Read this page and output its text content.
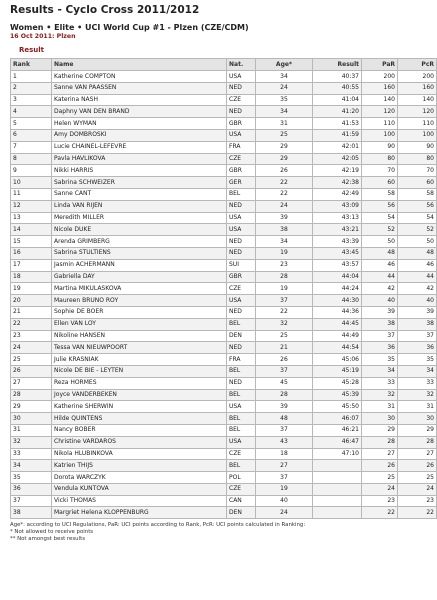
Results - Cyclo Cross 2011/2012
Women • Elite • UCI World Cup #1 - Plzen (CZE/CDM)
16 Oct 2011: Plzen
Result
Rank	Name	Nat.	Age*	Result	PaR	PcR
1	Katherine COMPTON	USA	34	40:37	200	200
2	Sanne VAN PAASSEN	NED	24	40:55	160	160
3	Katerina NASH	CZE	35	41:04	140	140
4	Daphny VAN DEN BRAND	NED	34	41:20	120	120
5	Helen WYMAN	GBR	31	41:53	110	110
6	Amy DOMBROSKI	USA	25	41:59	100	100
7	Lucie CHAINEL-LEFEVRE	FRA	29	42:01	90	90
8	Pavla HAVLIKOVA	CZE	29	42:05	80	80
9	Nikki HARRIS	GBR	26	42:19	70	70
10	Sabrina SCHWEIZER	GER	22	42:38	60	60
11	Sanne CANT	BEL	22	42:49	58	58
12	Linda VAN RIJEN	NED	24	43:09	56	56
13	Meredith MILLER	USA	39	43:13	54	54
14	Nicole DUKE	USA	38	43:21	52	52
15	Arenda GRIMBERG	NED	34	43:39	50	50
16	Sabrina STULTIENS	NED	19	43:45	48	48
17	Jasmin ACHERMANN	SUI	23	43:57	46	46
18	Gabriella DAY	GBR	28	44:04	44	44
19	Martina MIKULASKOVA	CZE	19	44:24	42	42
20	Maureen BRUNO ROY	USA	37	44:30	40	40
21	Sophie DE BOER	NED	22	44:36	39	39
22	Ellen VAN LOY	BEL	32	44:45	38	38
23	Nikoline HANSEN	DEN	25	44:49	37	37
24	Tessa VAN NIEUWPOORT	NED	21	44:54	36	36
25	Julie KRASNIAK	FRA	26	45:06	35	35
26	Nicole DE BIE - LEYTEN	BEL	37	45:19	34	34
27	Reza HORMES	NED	45	45:28	33	33
28	Joyce VANDERBEKEN	BEL	28	45:39	32	32
29	Katherine SHERWIN	USA	39	45:50	31	31
30	Hilde QUINTENS	BEL	48	46:07	30	30
31	Nancy BOBER	BEL	37	46:21	29	29
32	Christine VARDAROS	USA	43	46:47	28	28
33	Nikola HLUBINKOVA	CZE	18	47:10	27	27
34	Katrien THIJS	BEL	27		26	26
35	Dorota WARCZYK	POL	37		25	25
36	Vendula KUNTOVA	CZE	19		24	24
37	Vicki THOMAS	CAN	40		23	23
38	Margriet Helena KLOPPENBURG	DEN	24		22	22
Age*: according to UCI Regulations, PaR: UCI points according to Rank, PcR: UCI points calculated in Ranking:
* Not allowed to receive points
** Not amongst best results
